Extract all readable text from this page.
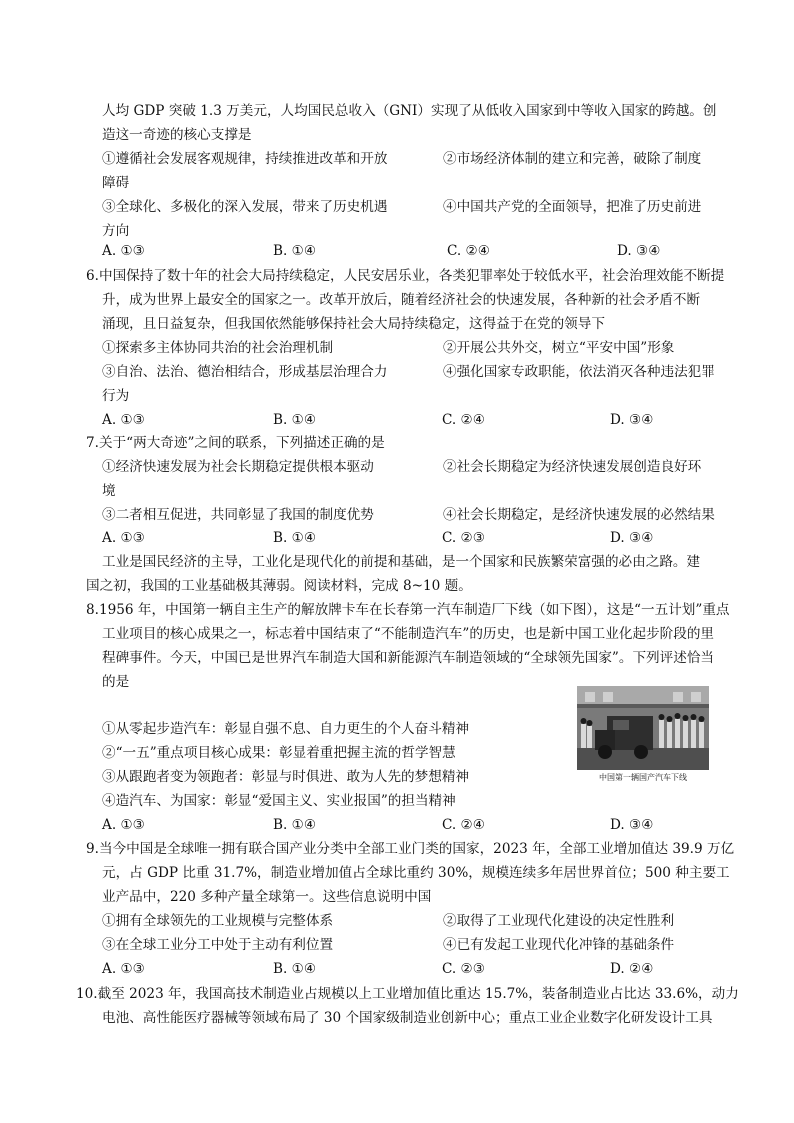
人均 GDP 突破 1.3 万美元，人均国民总收入（GNI）实现了从低收入国家到中等收入国家的跨越。创
造这一奇迹的核心支撑是
①遵循社会发展客观规律，持续推进改革和开放	②市场经济体制的建立和完善，破除了制度
障碍
③全球化、多极化的深入发展，带来了历史机遇	④中国共产党的全面领导，把准了历史前进
方向
A. ①③	B. ①④	C. ②④	D. ③④
6.中国保持了数十年的社会大局持续稳定，人民安居乐业，各类犯罪率处于较低水平，社会治理效能不断提
升，成为世界上最安全的国家之一。改革开放后，随着经济社会的快速发展，各种新的社会矛盾不断
涌现，且日益复杂，但我国依然能够保持社会大局持续稳定，这得益于在党的领导下
①探索多主体协同共治的社会治理机制	②开展公共外交，树立“平安中国”形象
③自治、法治、德治相结合，形成基层治理合力	④强化国家专政职能，依法消灭各种违法犯罪
行为
A. ①③	B. ①④	C. ②④	D. ③④
7.关于“两大奇迹”之间的联系，下列描述正确的是
①经济快速发展为社会长期稳定提供根本驱动	②社会长期稳定为经济快速发展创造良好环
境
③二者相互促进，共同彰显了我国的制度优势	④社会长期稳定，是经济快速发展的必然结果
A. ①③	B. ①④	C. ②③	D. ③④
工业是国民经济的主导，工业化是现代化的前提和基础，是一个国家和民族繁荣富强的必由之路。建
国之初，我国的工业基础极其薄弱。阅读材料，完成 8~10 题。
8.1956 年，中国第一辆自主生产的解放牌卡车在长春第一汽车制造厂下线（如下图），这是“一五计划”重点
工业项目的核心成果之一，标志着中国结束了“不能制造汽车”的历史，也是新中国工业化起步阶段的里
程碑事件。今天，中国已是世界汽车制造大国和新能源汽车制造领域的“全球领先国家”。下列评述恰当
的是
①从零起步造汽车：彰显自强不息、自力更生的个人奋斗精神
②“一五”重点项目核心成果：彰显着重把握主流的哲学智慧
③从跟跑者变为领跑者：彰显与时俱进、敢为人先的梦想精神
④造汽车、为国家：彰显“爱国主义、实业报国”的担当精神
A. ①③	B. ①④	C. ②④	D. ③④
中国第一辆国产汽车下线
9.当今中国是全球唯一拥有联合国产业分类中全部工业门类的国家，2023 年，全部工业增加值达 39.9 万亿
元，占 GDP 比重 31.7%，制造业增加值占全球比重约 30%，规模连续多年居世界首位；500 种主要工
业产品中，220 多种产量全球第一。这些信息说明中国
①拥有全球领先的工业规模与完整体系	②取得了工业现代化建设的决定性胜利
③在全球工业分工中处于主动有利位置	④已有发起工业现代化冲锋的基础条件
A. ①③	B. ①④	C. ②③	D. ②④
10.截至 2023 年，我国高技术制造业占规模以上工业增加值比重达 15.7%，装备制造业占比达 33.6%，动力
电池、高性能医疗器械等领域布局了 30 个国家级制造业创新中心；重点工业企业数字化研发设计工具
